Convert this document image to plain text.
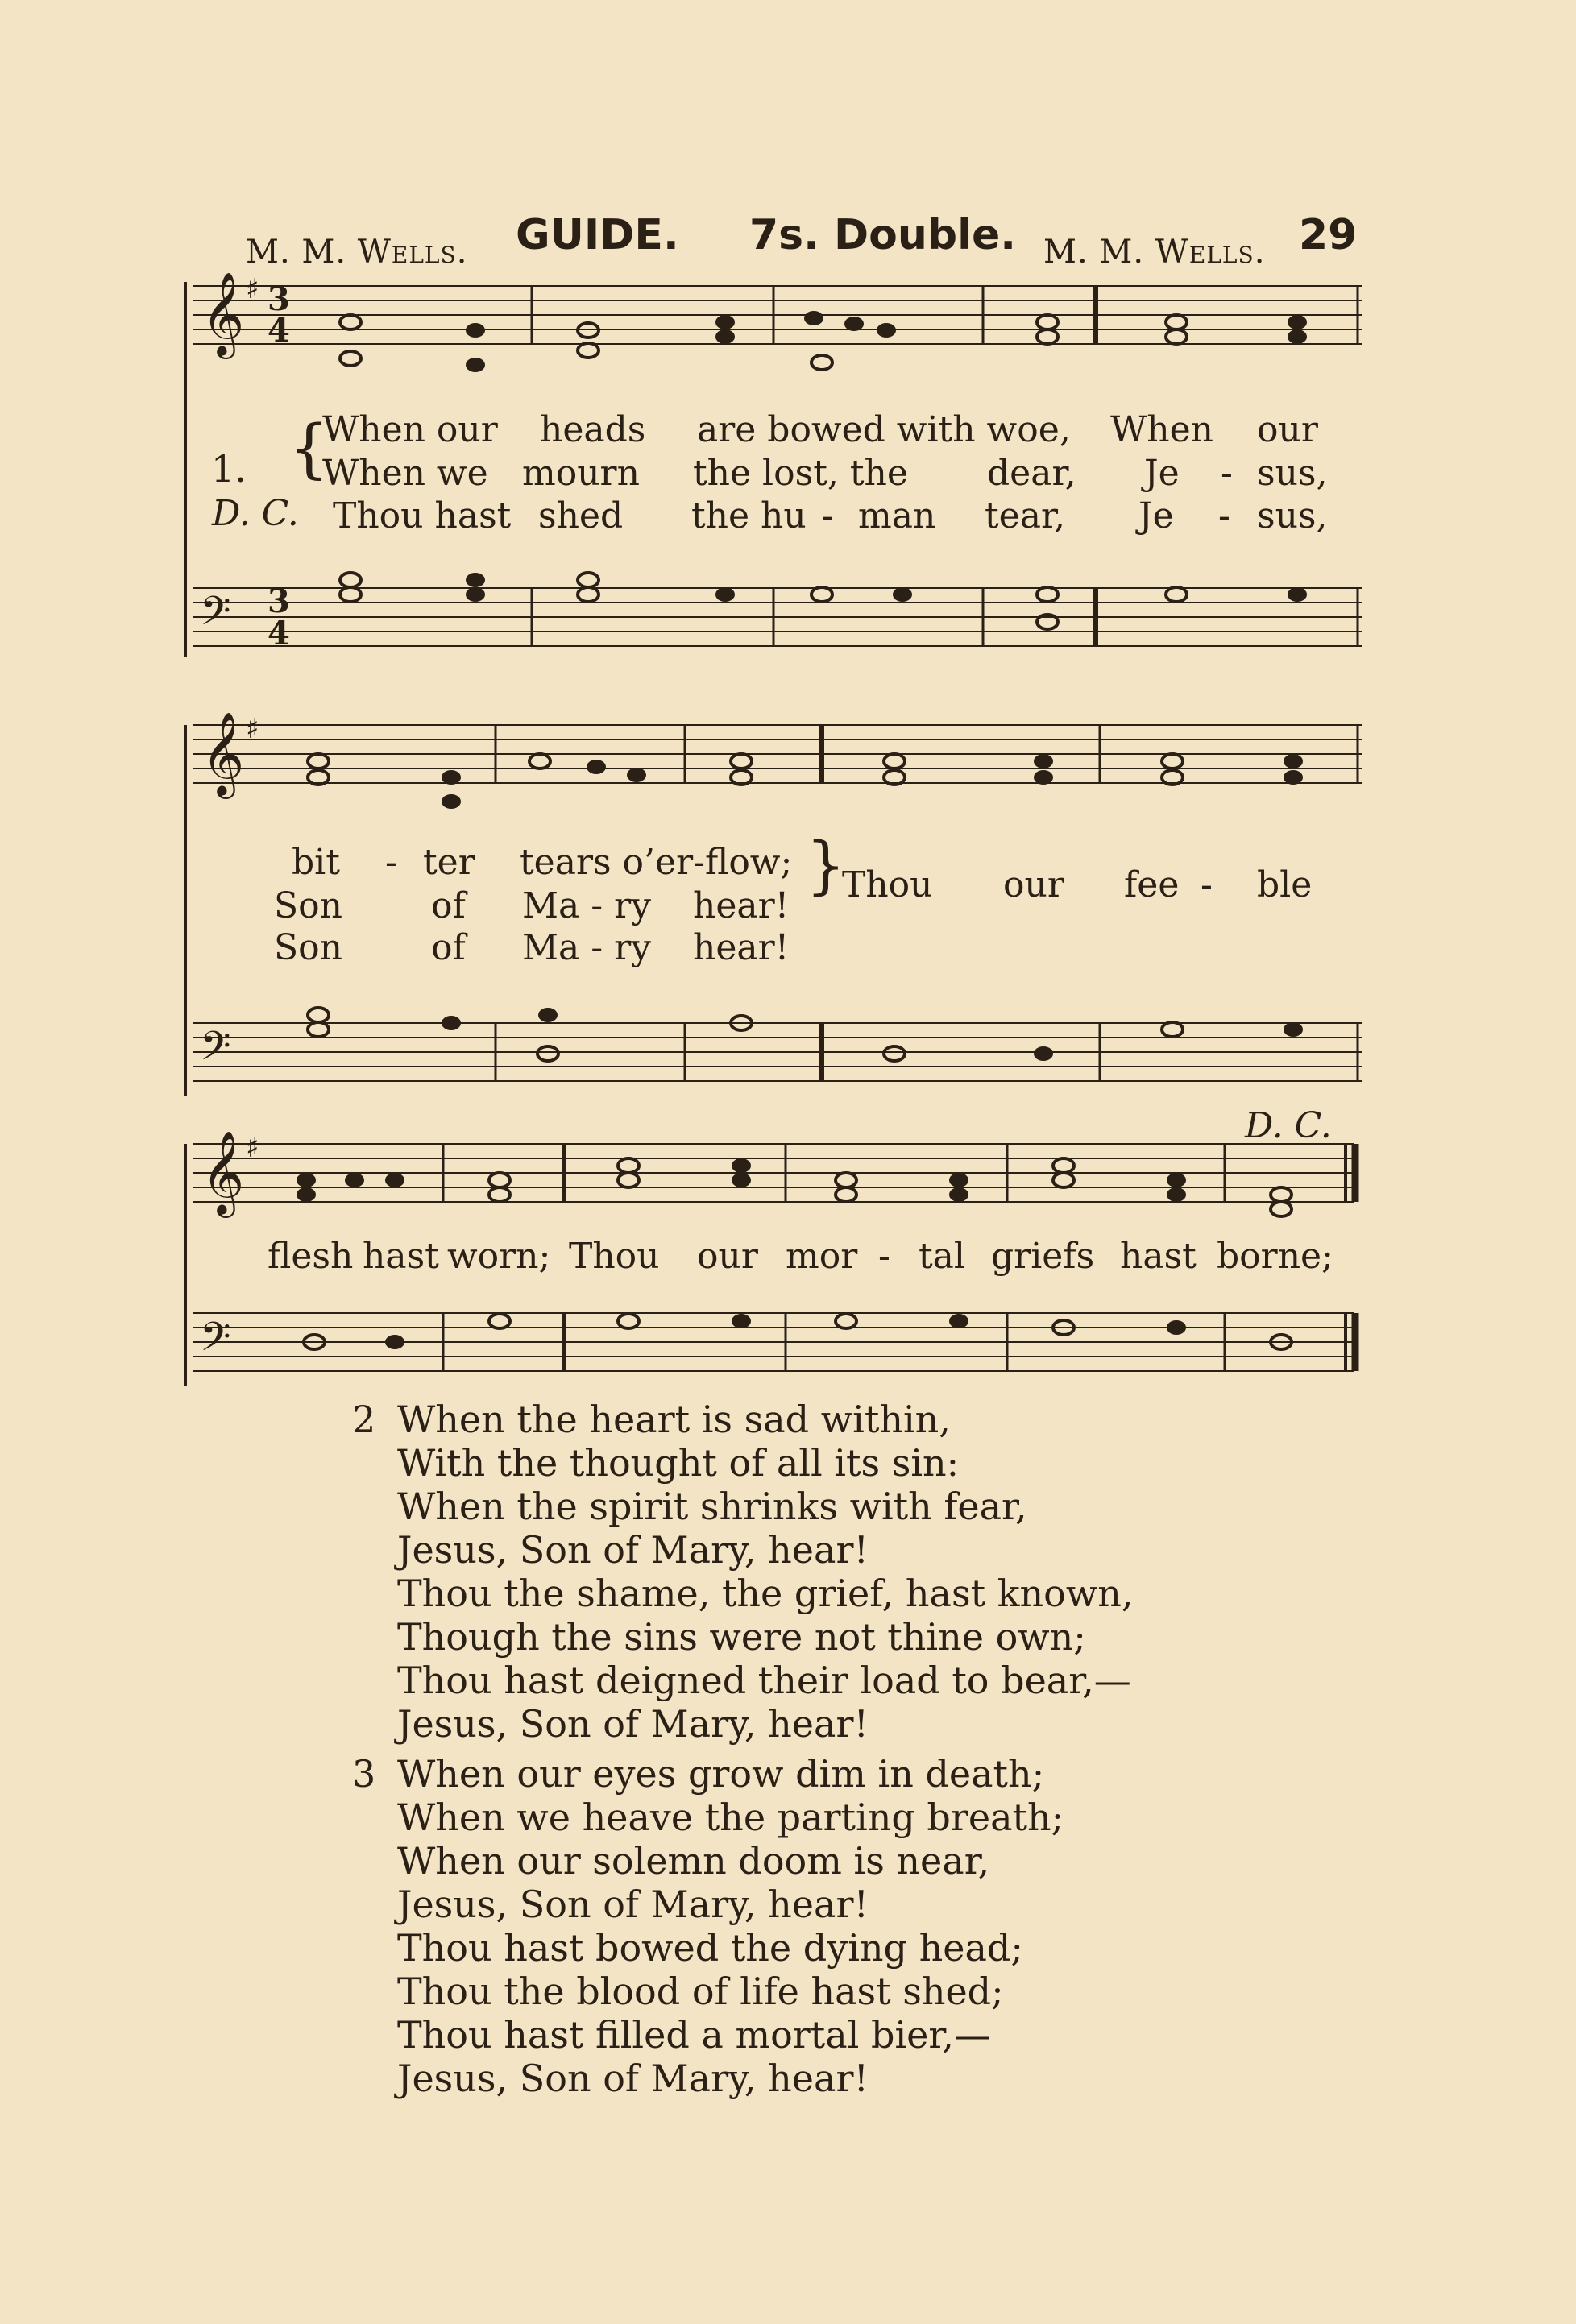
M. M. Wells. GUIDE. 7s. Double. M. M. Wells. 29
𝄞 3
4
♯
𝄢 3
4
1. {
D. C.
When our heads are bowed with woe, When our
When we mourn the lost, the dear, Je - sus,
Thou hast shed the hu - man tear, Je - sus,
𝄞 ♯
𝄢
bit - ter tears o’er-flow; }
Thou our fee - ble
Son	of Ma - ry hear!
Son	of Ma - ry hear!
D. C.
𝄞 ♯
𝄢
flesh hast worn; Thou our mor - tal griefs hast borne;
2 When the heart is sad within,
With the thought of all its sin:
When the spirit shrinks with fear,
Jesus, Son of Mary, hear!
Thou the shame, the grief, hast known,
Though the sins were not thine own;
Thou hast deigned their load to bear,—
Jesus, Son of Mary, hear!
3 When our eyes grow dim in death;
When we heave the parting breath;
When our solemn doom is near,
Jesus, Son of Mary, hear!
Thou hast bowed the dying head;
Thou the blood of life hast shed;
Thou hast filled a mortal bier,—
Jesus, Son of Mary, hear!
